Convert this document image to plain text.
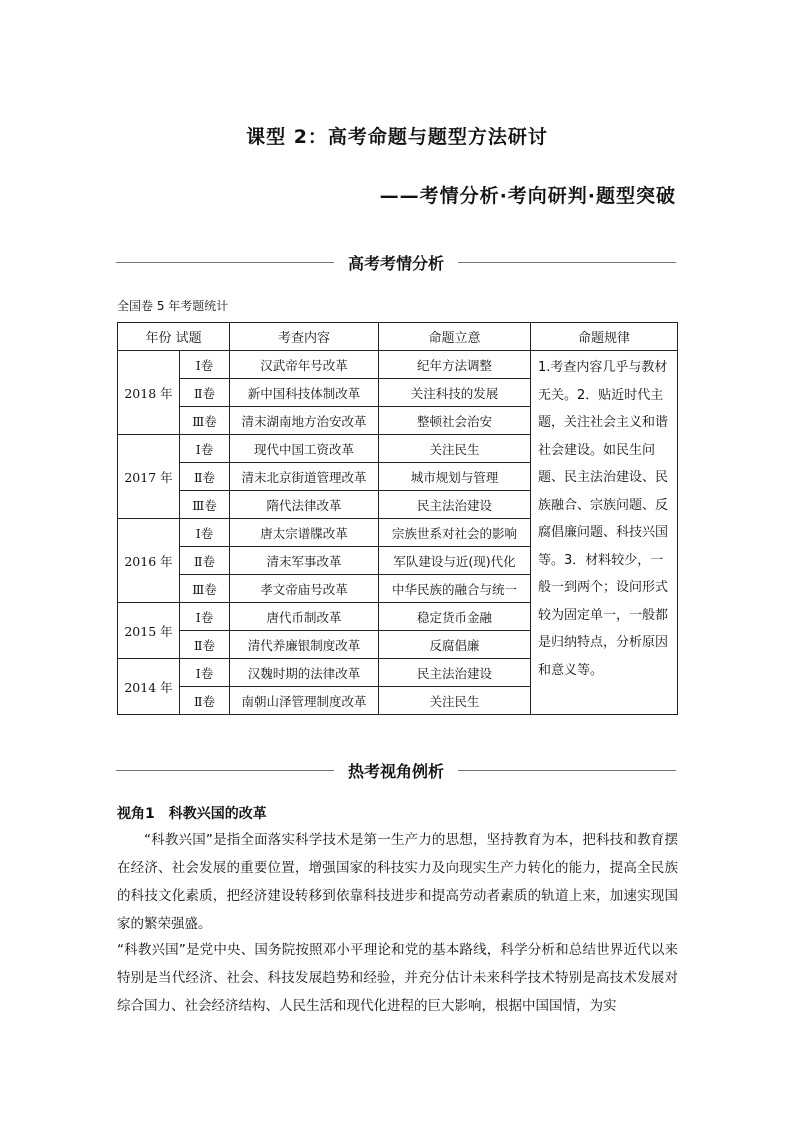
课型 2：高考命题与题型方法研讨
——考情分析·考向研判·题型突破
高考考情分析
全国卷 5 年考题统计
年份 试题		考查内容	命题立意	命题规律
2018 年	Ⅰ卷	汉武帝年号改革	纪年方法调整	1.考查内容几乎与教材无关。2．贴近时代主题，关注社会主义和谐社会建设。如民生问题、民主法治建设、民族融合、宗族问题、反腐倡廉问题、科技兴国等。3．材料较少，一般一到两个；设问形式较为固定单一，一般都是归纳特点，分析原因和意义等。
	Ⅱ卷	新中国科技体制改革	关注科技的发展	
	Ⅲ卷	清末湖南地方治安改革	整顿社会治安	
2017 年	Ⅰ卷	现代中国工资改革	关注民生	
	Ⅱ卷	清末北京街道管理改革	城市规划与管理	
	Ⅲ卷	隋代法律改革	民主法治建设	
2016 年	Ⅰ卷	唐太宗谱牒改革	宗族世系对社会的影响	
	Ⅱ卷	清末军事改革	军队建设与近(现)代化	
	Ⅲ卷	孝文帝庙号改革	中华民族的融合与统一	
2015 年	Ⅰ卷	唐代币制改革	稳定货币金融	
	Ⅱ卷	清代养廉银制度改革	反腐倡廉	
2014 年	Ⅰ卷	汉魏时期的法律改革	民主法治建设	
	Ⅱ卷	南朝山泽管理制度改革	关注民生	
热考视角例析
视角1　科教兴国的改革

“科教兴国”是指全面落实科学技术是第一生产力的思想，坚持教育为本，把科技和教育摆在经济、社会发展的重要位置，增强国家的科技实力及向现实生产力转化的能力，提高全民族的科技文化素质，把经济建设转移到依靠科技进步和提高劳动者素质的轨道上来，加速实现国家的繁荣强盛。

“科教兴国”是党中央、国务院按照邓小平理论和党的基本路线，科学分析和总结世界近代以来特别是当代经济、社会、科技发展趋势和经验，并充分估计未来科学技术特别是高技术发展对综合国力、社会经济结构、人民生活和现代化进程的巨大影响，根据中国国情，为实
